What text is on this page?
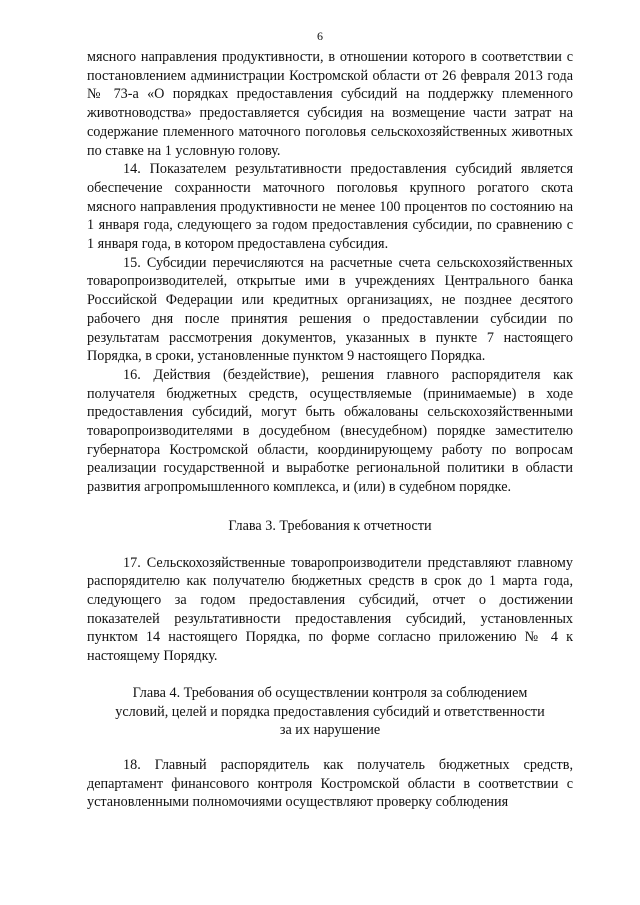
6

мясного направления продуктивности, в отношении которого в соответствии с постановлением администрации Костромской области от 26 февраля 2013 года № 73-а «О порядках предоставления субсидий на поддержку племенного животноводства» предоставляется субсидия на возмещение части затрат на содержание племенного маточного поголовья сельскохозяйственных животных по ставке на 1 условную голову.

14. Показателем результативности предоставления субсидий является обеспечение сохранности маточного поголовья крупного рогатого скота мясного направления продуктивности не менее 100 процентов по состоянию на 1 января года, следующего за годом предоставления субсидии, по сравнению с 1 января года, в котором предоставлена субсидия.

15. Субсидии перечисляются на расчетные счета сельскохозяйственных товаропроизводителей, открытые ими в учреждениях Центрального банка Российской Федерации или кредитных организациях, не позднее десятого рабочего дня после принятия решения о предоставлении субсидии по результатам рассмотрения документов, указанных в пункте 7 настоящего Порядка, в сроки, установленные пунктом 9 настоящего Порядка.

16. Действия (бездействие), решения главного распорядителя как получателя бюджетных средств, осуществляемые (принимаемые) в ходе предоставления субсидий, могут быть обжалованы сельскохозяйственными товаропроизводителями в досудебном (внесудебном) порядке заместителю губернатора Костромской области, координирующему работу по вопросам реализации государственной и выработке региональной политики в области развития агропромышленного комплекса, и (или) в судебном порядке.

Глава 3. Требования к отчетности

17. Сельскохозяйственные товаропроизводители представляют главному распорядителю как получателю бюджетных средств в срок до 1 марта года, следующего за годом предоставления субсидий, отчет о достижении показателей результативности предоставления субсидий, установленных пунктом 14 настоящего Порядка, по форме согласно приложению № 4 к настоящему Порядку.

Глава 4. Требования об осуществлении контроля за соблюдением
условий, целей и порядка предоставления субсидий и ответственности
за их нарушение

18. Главный распорядитель как получатель бюджетных средств, департамент финансового контроля Костромской области в соответствии с установленными полномочиями осуществляют проверку соблюдения
